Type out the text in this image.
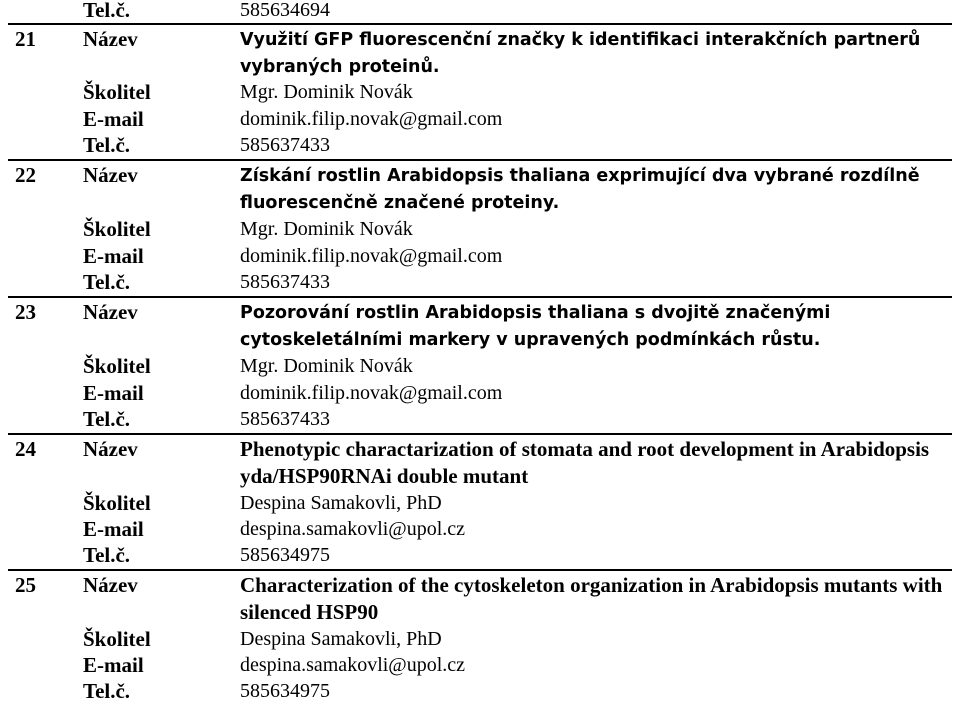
Tel.č.	585634694
21 Název	Využití GFP fluorescenční značky k identifikaci interakčních partnerů vybraných proteinů.
Školitel	Mgr. Dominik Novák
E-mail	dominik.filip.novak@gmail.com
Tel.č.	585637433
22 Název	Získání rostlin Arabidopsis thaliana exprimující dva vybrané rozdílně fluorescenčně značené proteiny.
Školitel	Mgr. Dominik Novák
E-mail	dominik.filip.novak@gmail.com
Tel.č.	585637433
23 Název	Pozorování rostlin Arabidopsis thaliana s dvojitě značenými cytoskeletálními markery v upravených podmínkách růstu.
Školitel	Mgr. Dominik Novák
E-mail	dominik.filip.novak@gmail.com
Tel.č.	585637433
24 Název	Phenotypic charactarization of stomata and root development in Arabidopsis yda/HSP90RNAi double mutant
Školitel	Despina Samakovli, PhD
E-mail	despina.samakovli@upol.cz
Tel.č.	585634975
25 Název	Characterization of the cytoskeleton organization in Arabidopsis mutants with silenced HSP90
Školitel	Despina Samakovli, PhD
E-mail	despina.samakovli@upol.cz
Tel.č.	585634975
